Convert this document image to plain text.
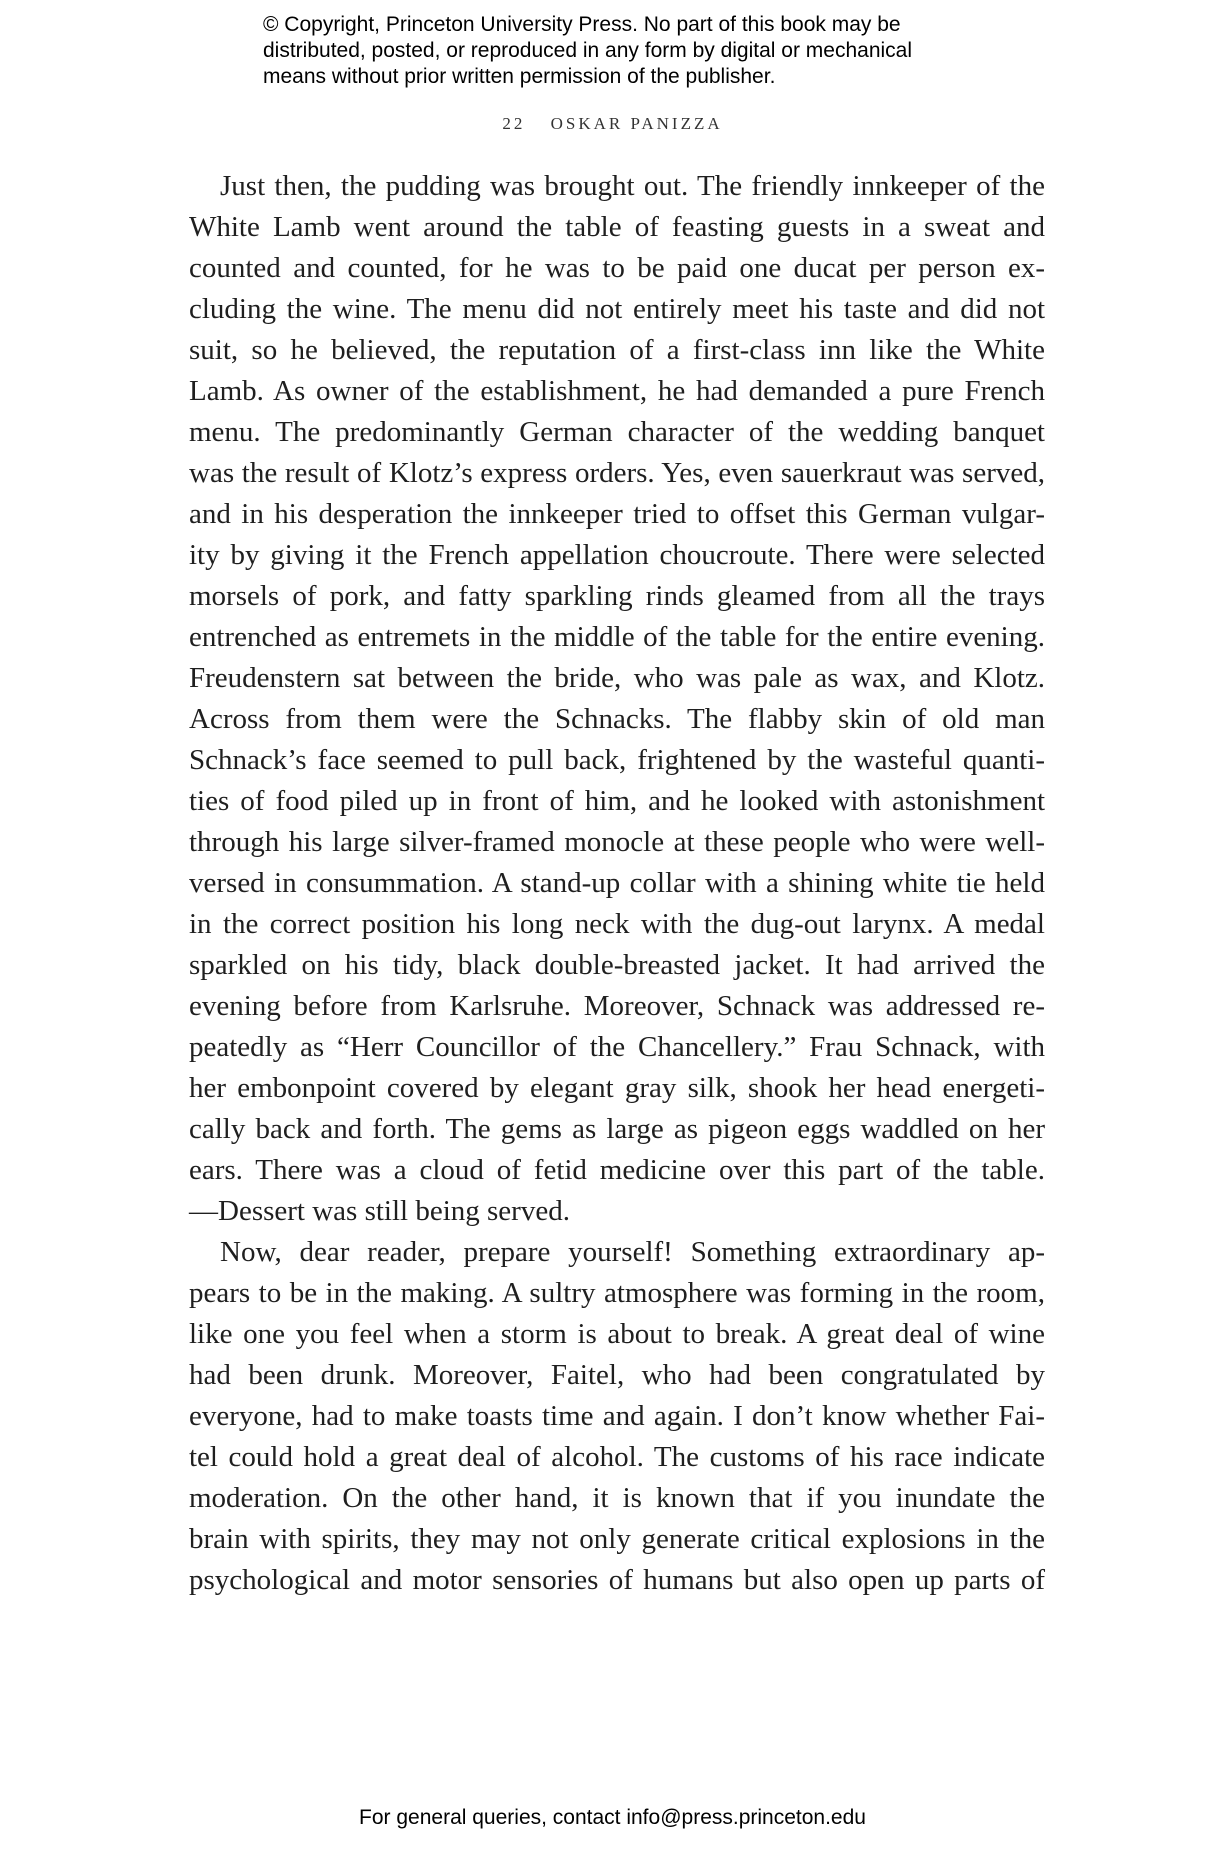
© Copyright, Princeton University Press. No part of this book may be
distributed, posted, or reproduced in any form by digital or mechanical
means without prior written permission of the publisher.
22 OSKAR PANIZZA
Just then, the pudding was brought out. The friendly innkeeper of the
White Lamb went around the table of feasting guests in a sweat and
counted and counted, for he was to be paid one ducat per person ex-
cluding the wine. The menu did not entirely meet his taste and did not
suit, so he believed, the reputation of a first-class inn like the White
Lamb. As owner of the establishment, he had demanded a pure French
menu. The predominantly German character of the wedding banquet
was the result of Klotz’s express orders. Yes, even sauerkraut was served,
and in his desperation the innkeeper tried to offset this German vulgar-
ity by giving it the French appellation choucroute. There were selected
morsels of pork, and fatty sparkling rinds gleamed from all the trays
entrenched as entremets in the middle of the table for the entire evening.
Freudenstern sat between the bride, who was pale as wax, and Klotz.
Across from them were the Schnacks. The flabby skin of old man
Schnack’s face seemed to pull back, frightened by the wasteful quanti-
ties of food piled up in front of him, and he looked with astonishment
through his large silver-framed monocle at these people who were well-
versed in consummation. A stand-up collar with a shining white tie held
in the correct position his long neck with the dug-out larynx. A medal
sparkled on his tidy, black double-breasted jacket. It had arrived the
evening before from Karlsruhe. Moreover, Schnack was addressed re-
peatedly as “Herr Councillor of the Chancellery.” Frau Schnack, with
her embonpoint covered by elegant gray silk, shook her head energeti-
cally back and forth. The gems as large as pigeon eggs waddled on her
ears. There was a cloud of fetid medicine over this part of the table.
—Dessert was still being served.
Now, dear reader, prepare yourself! Something extraordinary ap-
pears to be in the making. A sultry atmosphere was forming in the room,
like one you feel when a storm is about to break. A great deal of wine
had been drunk. Moreover, Faitel, who had been congratulated by
everyone, had to make toasts time and again. I don’t know whether Fai-
tel could hold a great deal of alcohol. The customs of his race indicate
moderation. On the other hand, it is known that if you inundate the
brain with spirits, they may not only generate critical explosions in the
psychological and motor sensories of humans but also open up parts of
For general queries, contact info@press.princeton.edu
